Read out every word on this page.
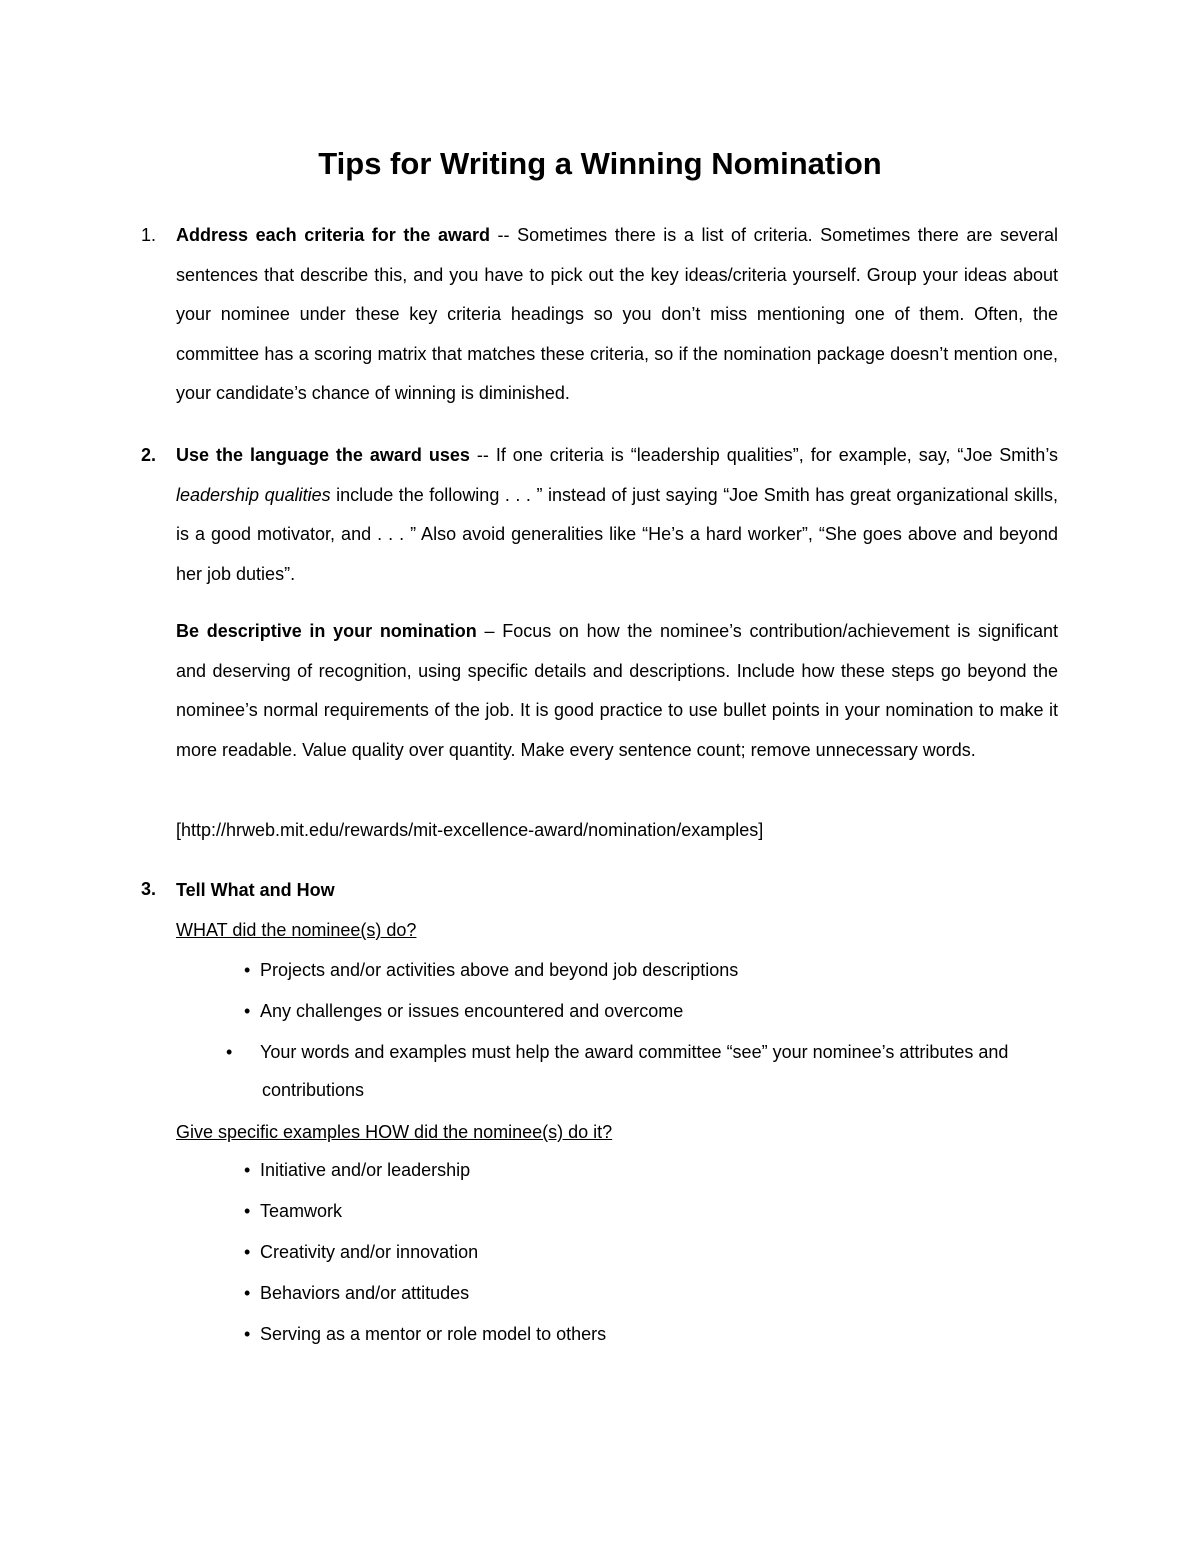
Tips for Writing a Winning Nomination
1. Address each criteria for the award -- Sometimes there is a list of criteria. Sometimes there are several sentences that describe this, and you have to pick out the key ideas/criteria yourself. Group your ideas about your nominee under these key criteria headings so you don’t miss mentioning one of them. Often, the committee has a scoring matrix that matches these criteria, so if the nomination package doesn’t mention one, your candidate’s chance of winning is diminished.
2. Use the language the award uses -- If one criteria is “leadership qualities”, for example, say, “Joe Smith’s leadership qualities include the following . . . ” instead of just saying “Joe Smith has great organizational skills, is a good motivator, and . . . ” Also avoid generalities like “He’s a hard worker”, “She goes above and beyond her job duties”.
Be descriptive in your nomination – Focus on how the nominee’s contribution/achievement is significant and deserving of recognition, using specific details and descriptions. Include how these steps go beyond the nominee’s normal requirements of the job. It is good practice to use bullet points in your nomination to make it more readable. Value quality over quantity. Make every sentence count; remove unnecessary words.
[http://hrweb.mit.edu/rewards/mit-excellence-award/nomination/examples]
3. Tell What and How
WHAT did the nominee(s) do?
• Projects and/or activities above and beyond job descriptions
• Any challenges or issues encountered and overcome
• Your words and examples must help the award committee “see” your nominee’s attributes and contributions
Give specific examples HOW did the nominee(s) do it?
• Initiative and/or leadership
• Teamwork
• Creativity and/or innovation
• Behaviors and/or attitudes
• Serving as a mentor or role model to others
